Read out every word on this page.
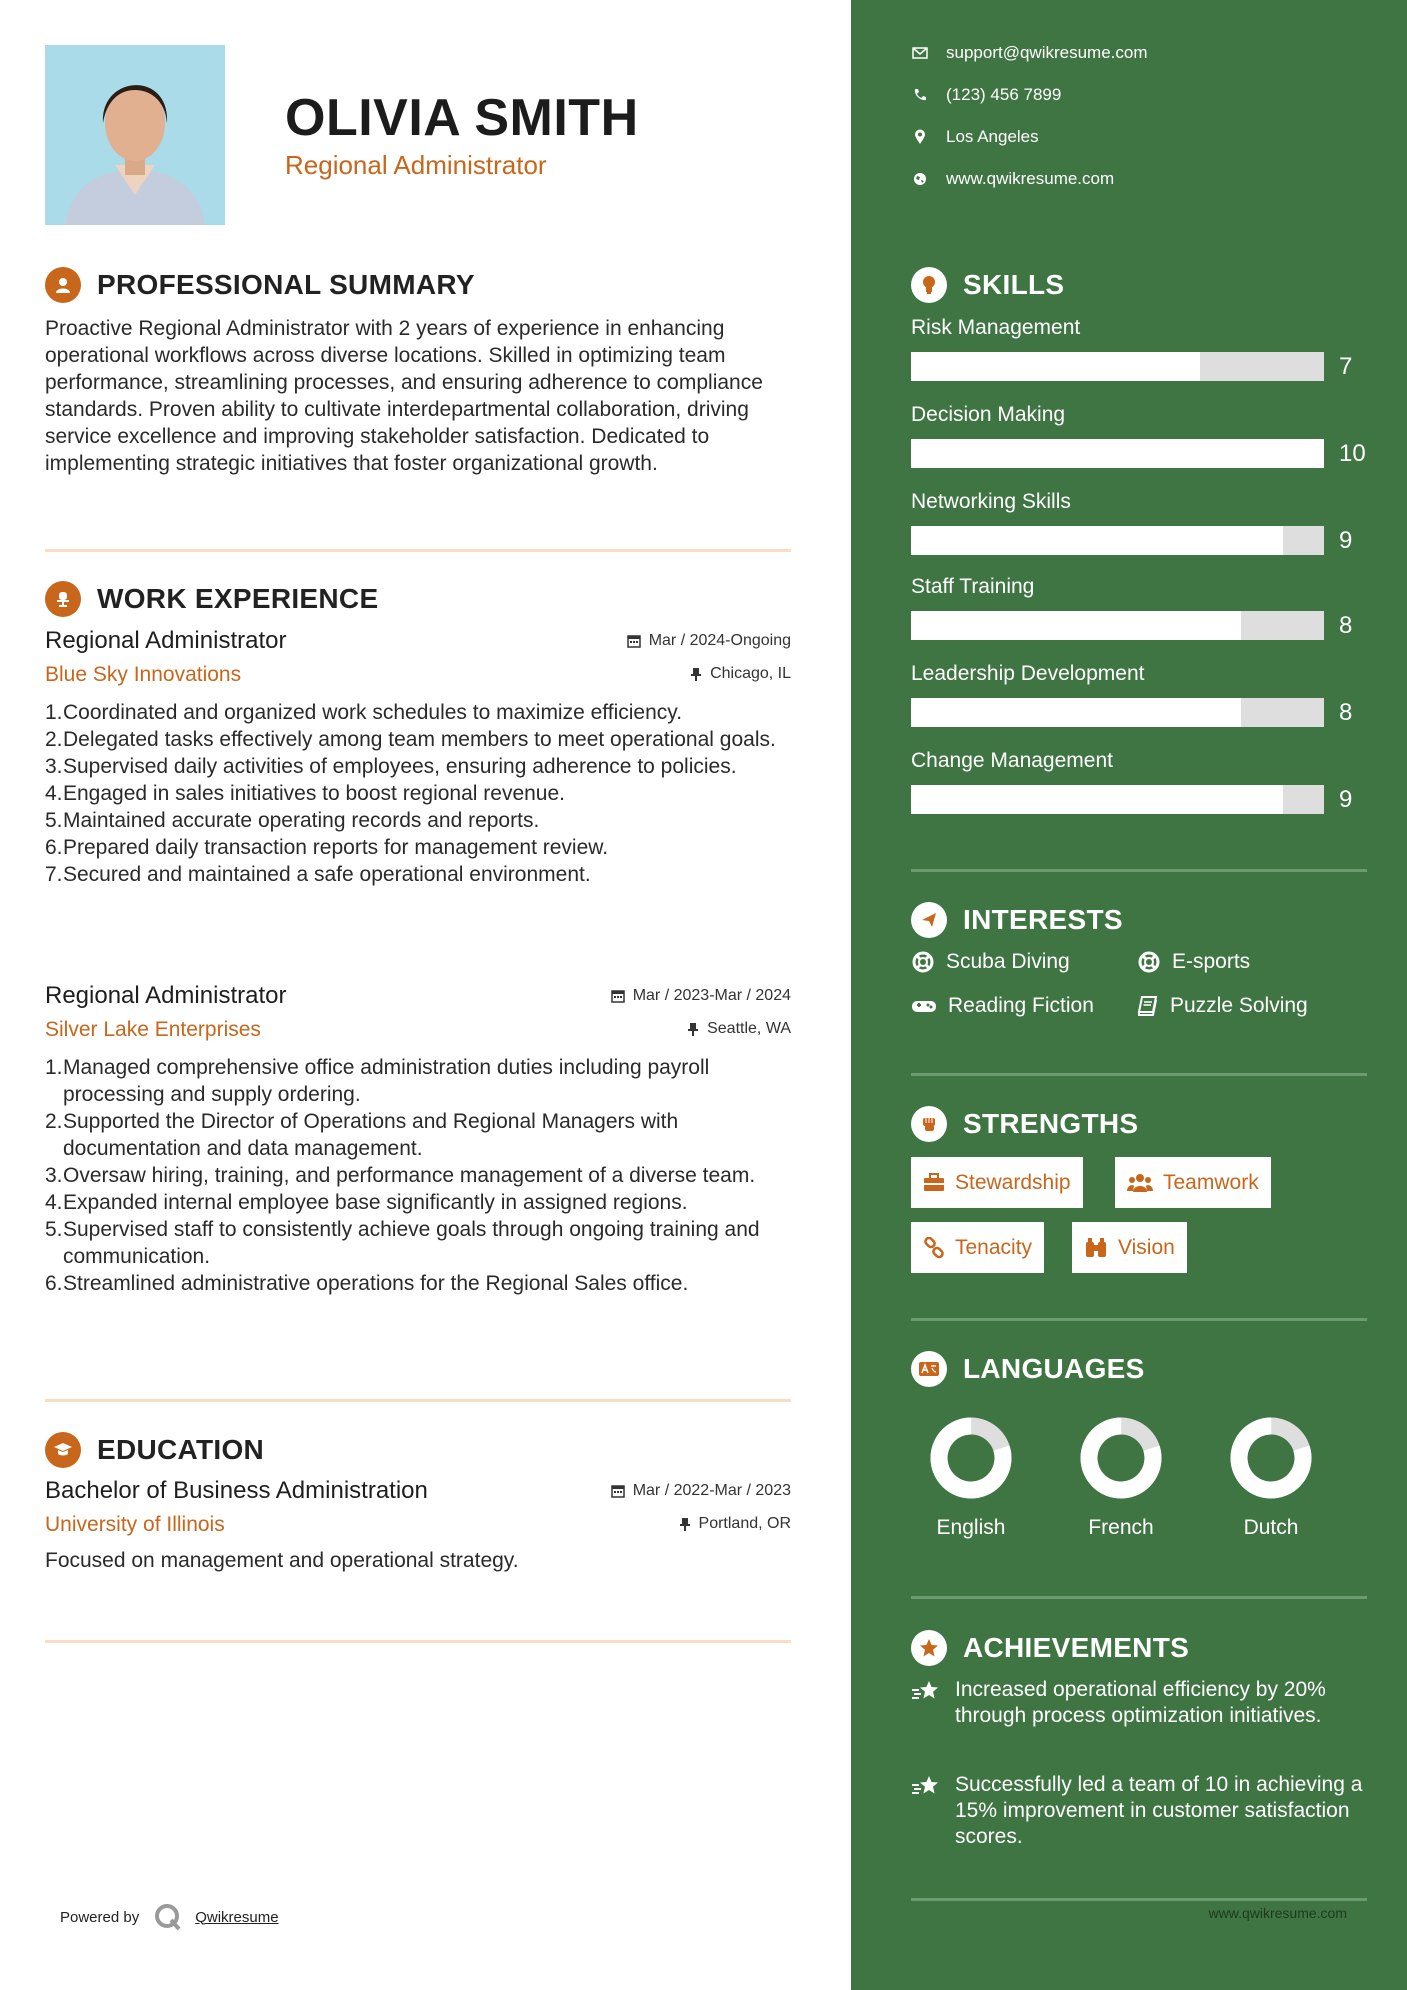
OLIVIA SMITH
Regional Administrator
PROFESSIONAL SUMMARY
Proactive Regional Administrator with 2 years of experience in enhancing operational workflows across diverse locations. Skilled in optimizing team performance, streamlining processes, and ensuring adherence to compliance standards. Proven ability to cultivate interdepartmental collaboration, driving service excellence and improving stakeholder satisfaction. Dedicated to implementing strategic initiatives that foster organizational growth.
WORK EXPERIENCE
Regional Administrator	Mar / 2024-Ongoing
Blue Sky Innovations	Chicago, IL
1. Coordinated and organized work schedules to maximize efficiency.
2. Delegated tasks effectively among team members to meet operational goals.
3. Supervised daily activities of employees, ensuring adherence to policies.
4. Engaged in sales initiatives to boost regional revenue.
5. Maintained accurate operating records and reports.
6. Prepared daily transaction reports for management review.
7. Secured and maintained a safe operational environment.
Regional Administrator	Mar / 2023-Mar / 2024
Silver Lake Enterprises	Seattle, WA
1. Managed comprehensive office administration duties including payroll processing and supply ordering.
2. Supported the Director of Operations and Regional Managers with documentation and data management.
3. Oversaw hiring, training, and performance management of a diverse team.
4. Expanded internal employee base significantly in assigned regions.
5. Supervised staff to consistently achieve goals through ongoing training and communication.
6. Streamlined administrative operations for the Regional Sales office.
EDUCATION
Bachelor of Business Administration	Mar / 2022-Mar / 2023
University of Illinois	Portland, OR
Focused on management and operational strategy.
Powered by	Qwikresume
support@qwikresume.com
(123) 456 7899
Los Angeles
www.qwikresume.com
SKILLS
Risk Management
7
Decision Making
10
Networking Skills
9
Staff Training
8
Leadership Development
8
Change Management
9
INTERESTS
Scuba Diving	E-sports
Reading Fiction	Puzzle Solving
STRENGTHS
Stewardship	Teamwork
Tenacity	Vision
LANGUAGES
English	French	Dutch
ACHIEVEMENTS
Increased operational efficiency by 20% through process optimization initiatives.
Successfully led a team of 10 in achieving a 15% improvement in customer satisfaction scores.
www.qwikresume.com
